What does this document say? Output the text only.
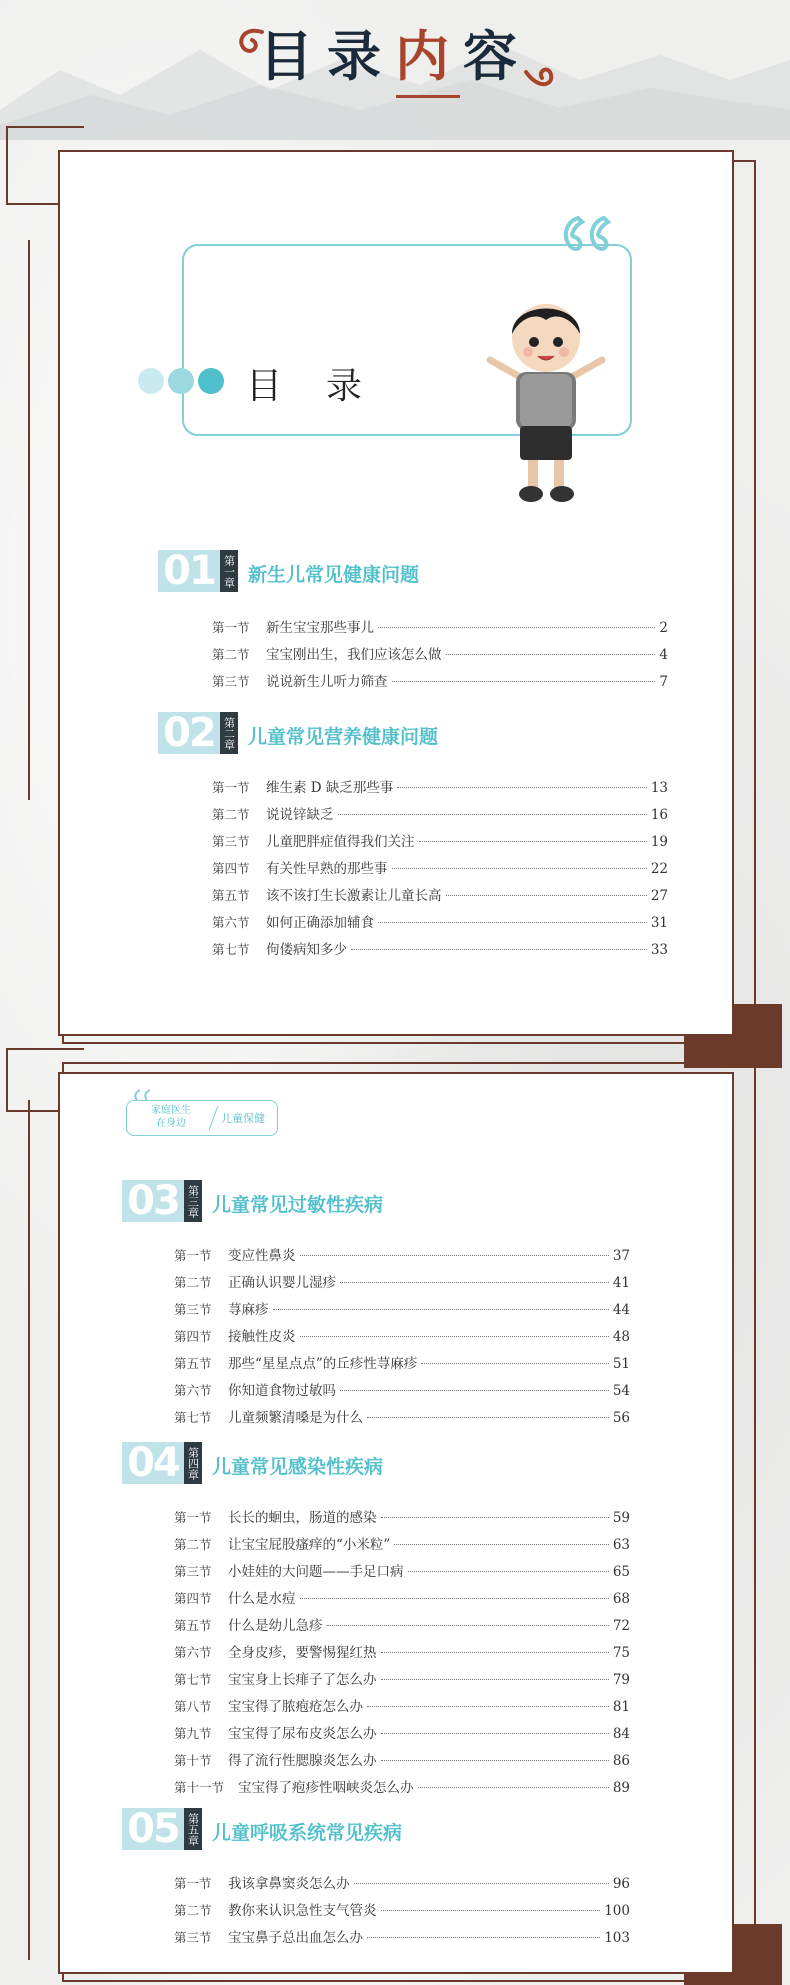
目录内容
目　录
01 第一章 新生儿常见健康问题
第一节	新生宝宝那些事儿	2
第二节	宝宝刚出生，我们应该怎么做	4
第三节	说说新生儿听力筛查	7
02 第二章 儿童常见营养健康问题
第一节	维生素 D 缺乏那些事	13
第二节	说说锌缺乏	16
第三节	儿童肥胖症值得我们关注	19
第四节	有关性早熟的那些事	22
第五节	该不该打生长激素让儿童长高	27
第六节	如何正确添加辅食	31
第七节	佝偻病知多少	33
家庭医生
在身边	儿童保健
03 第三章 儿童常见过敏性疾病
第一节	变应性鼻炎	37
第二节	正确认识婴儿湿疹	41
第三节	荨麻疹	44
第四节	接触性皮炎	48
第五节	那些“星星点点”的丘疹性荨麻疹	51
第六节	你知道食物过敏吗	54
第七节	儿童频繁清嗓是为什么	56
04 第四章 儿童常见感染性疾病
第一节	长长的蛔虫，肠道的感染	59
第二节	让宝宝屁股瘙痒的“小米粒”	63
第三节	小娃娃的大问题——手足口病	65
第四节	什么是水痘	68
第五节	什么是幼儿急疹	72
第六节	全身皮疹，要警惕猩红热	75
第七节	宝宝身上长痱子了怎么办	79
第八节	宝宝得了脓疱疮怎么办	81
第九节	宝宝得了尿布皮炎怎么办	84
第十节	得了流行性腮腺炎怎么办	86
第十一节	宝宝得了疱疹性咽峡炎怎么办	89
05 第五章 儿童呼吸系统常见疾病
第一节	我该拿鼻窦炎怎么办	96
第二节	教你来认识急性支气管炎	100
第三节	宝宝鼻子总出血怎么办	103
